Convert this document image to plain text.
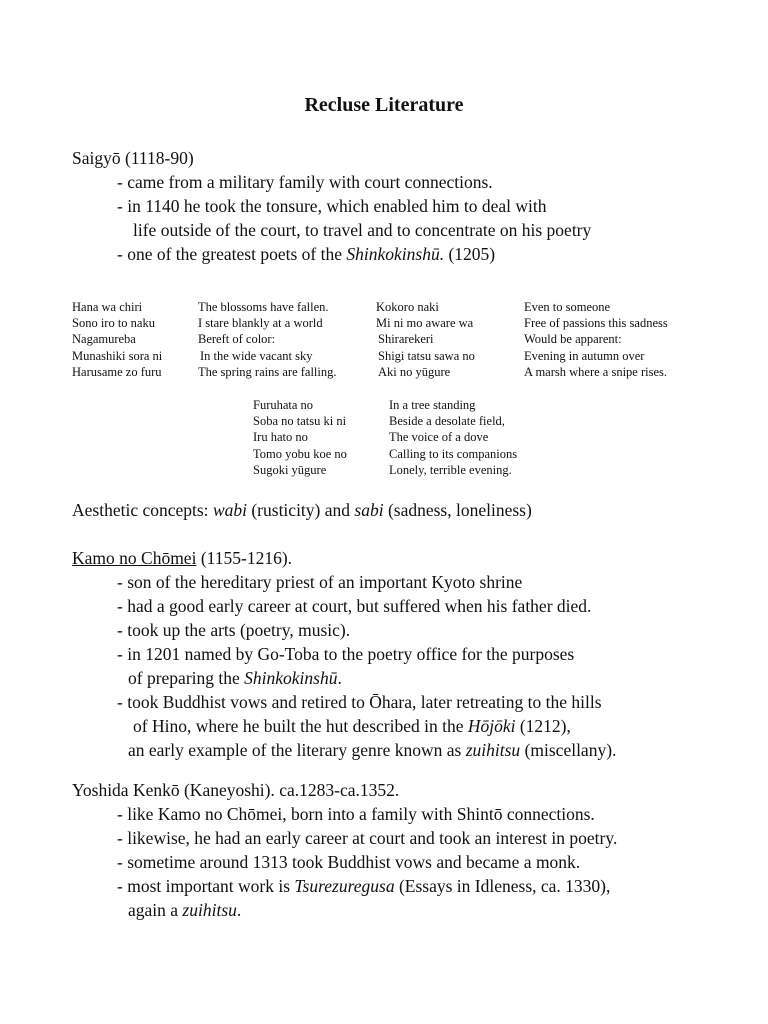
Recluse Literature
Saigyō (1118-90)
- came from a military family with court connections.
- in 1140 he took the tonsure, which enabled him to deal with
life outside of the court, to travel and to concentrate on his poetry
- one of the greatest poets of the Shinkokinshū. (1205)
Hana wa chiri
Sono iro to naku
Nagamureba
Munashiki sora ni
Harusame zo furu
The blossoms have fallen.
I stare blankly at a world
Bereft of color:
In the wide vacant sky
The spring rains are falling.
Kokoro naki
Mi ni mo aware wa
Shirarekeri
Shigi tatsu sawa no
Aki no yūgure
Even to someone
Free of passions this sadness
Would be apparent:
Evening in autumn over
A marsh where a snipe rises.
Furuhata no
Soba no tatsu ki ni
Iru hato no
Tomo yobu koe no
Sugoki yūgure
In a tree standing
Beside a desolate field,
The voice of a dove
Calling to its companions
Lonely, terrible evening.
Aesthetic concepts: wabi (rusticity) and sabi (sadness, loneliness)
Kamo no Chōmei (1155-1216).
- son of the hereditary priest of an important Kyoto shrine
- had a good early career at court, but suffered when his father died.
- took up the arts (poetry, music).
- in 1201 named by Go-Toba to the poetry office for the purposes
of preparing the Shinkokinshū.
- took Buddhist vows and retired to Ōhara, later retreating to the hills
of Hino, where he built the hut described in the Hōjōki (1212),
an early example of the literary genre known as zuihitsu (miscellany).
Yoshida Kenkō (Kaneyoshi). ca.1283-ca.1352.
- like Kamo no Chōmei, born into a family with Shintō connections.
- likewise, he had an early career at court and took an interest in poetry.
- sometime around 1313 took Buddhist vows and became a monk.
- most important work is Tsurezuregusa (Essays in Idleness, ca. 1330),
again a zuihitsu.
